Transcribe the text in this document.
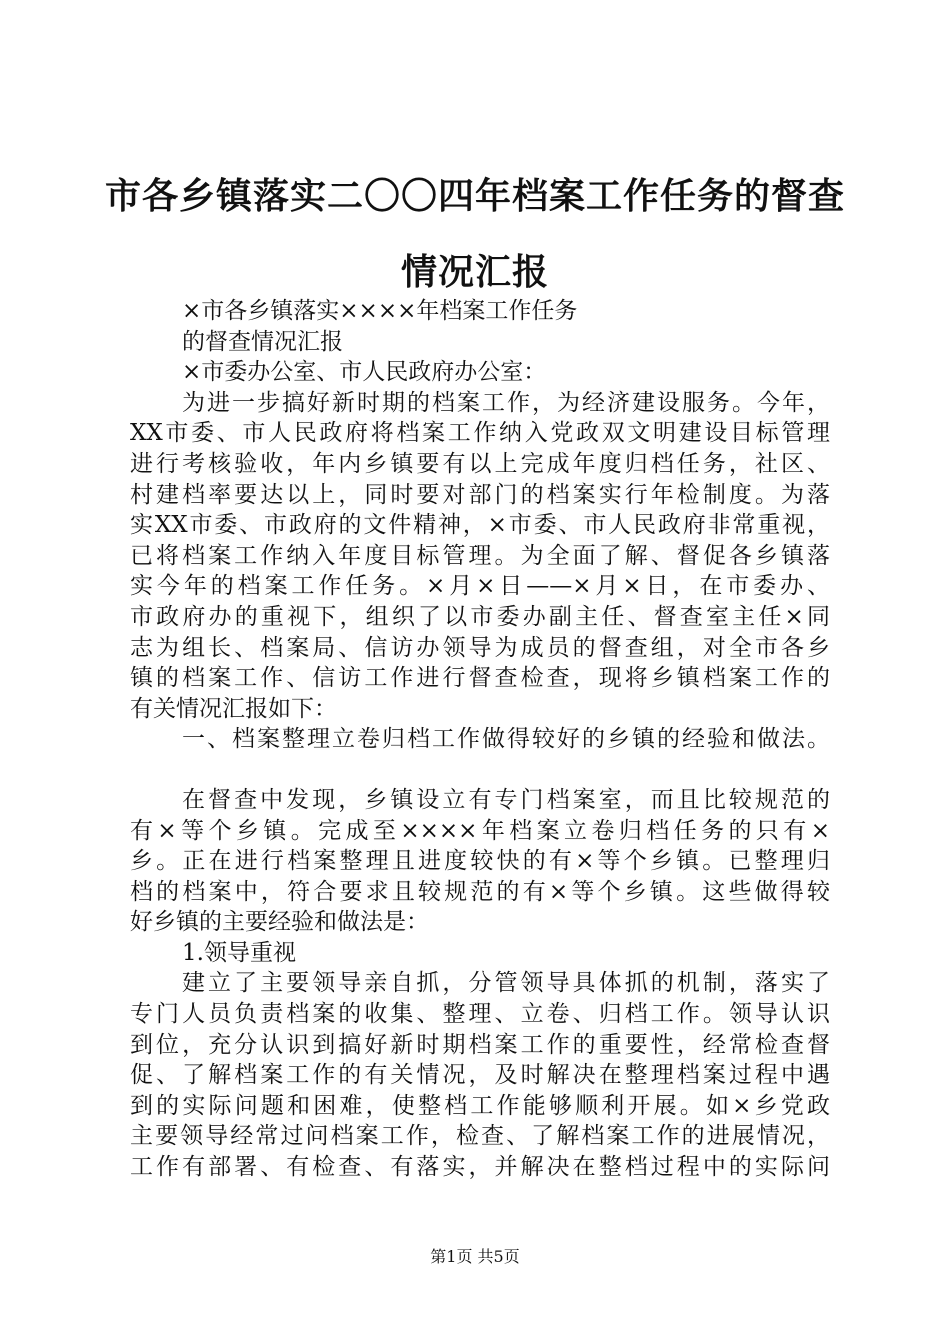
市各乡镇落实二〇〇四年档案工作任务的督查
情况汇报
×市各乡镇落实××××年档案工作任务
的督查情况汇报
×市委办公室、市人民政府办公室：
为进一步搞好新时期的档案工作，为经济建设服务。今年，
XX市委、市人民政府将档案工作纳入党政双文明建设目标管理
进行考核验收，年内乡镇要有以上完成年度归档任务，社区、
村建档率要达以上，同时要对部门的档案实行年检制度。为落
实XX市委、市政府的文件精神，×市委、市人民政府非常重视，
已将档案工作纳入年度目标管理。为全面了解、督促各乡镇落
实今年的档案工作任务。×月×日——×月×日，在市委办、
市政府办的重视下，组织了以市委办副主任、督查室主任×同
志为组长、档案局、信访办领导为成员的督查组，对全市各乡
镇的档案工作、信访工作进行督查检查，现将乡镇档案工作的
有关情况汇报如下：
一、档案整理立卷归档工作做得较好的乡镇的经验和做法。
在督查中发现，乡镇设立有专门档案室，而且比较规范的
有×等个乡镇。完成至××××年档案立卷归档任务的只有×
乡。正在进行档案整理且进度较快的有×等个乡镇。已整理归
档的档案中，符合要求且较规范的有×等个乡镇。这些做得较
好乡镇的主要经验和做法是：
1.领导重视
建立了主要领导亲自抓，分管领导具体抓的机制，落实了
专门人员负责档案的收集、整理、立卷、归档工作。领导认识
到位，充分认识到搞好新时期档案工作的重要性，经常检查督
促、了解档案工作的有关情况，及时解决在整理档案过程中遇
到的实际问题和困难，使整档工作能够顺利开展。如×乡党政
主要领导经常过问档案工作，检查、了解档案工作的进展情况，
工作有部署、有检查、有落实，并解决在整档过程中的实际问
第1页 共5页
